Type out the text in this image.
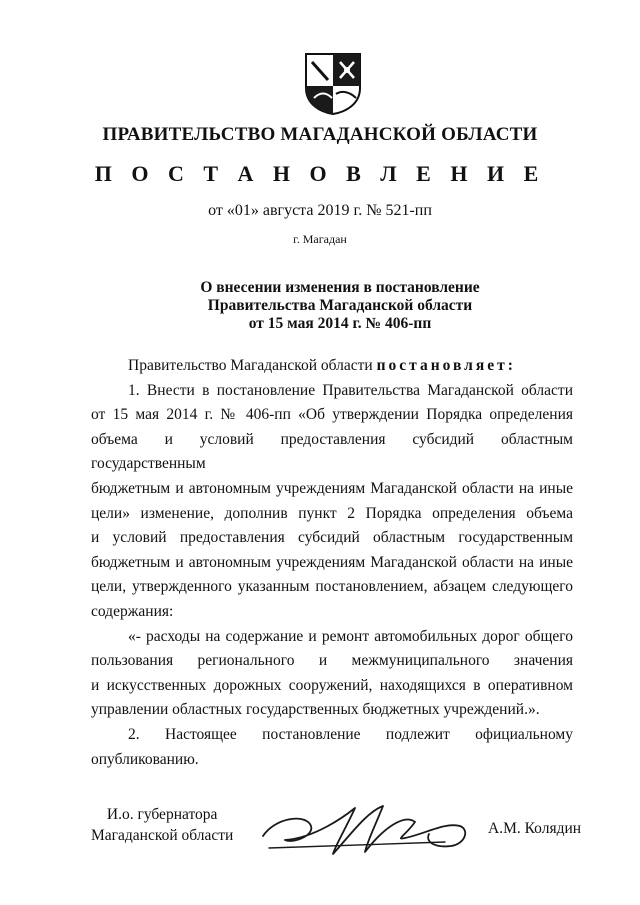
ПРАВИТЕЛЬСТВО МАГАДАНСКОЙ ОБЛАСТИ
П О С Т А Н О В Л Е Н И Е
от «01» августа 2019 г. № 521-пп
г. Магадан
О внесении изменения в постановление
Правительства Магаданской области
от 15 мая 2014 г. № 406-пп

Правительство Магаданской области постановляет:

1. Внести в постановление Правительства Магаданской области

от 15 мая 2014 г. № 406-пп «Об утверждении Порядка определения

объема и условий предоставления субсидий областным государственным

бюджетным и автономным учреждениям Магаданской области на иные

цели» изменение, дополнив пункт 2 Порядка определения объема

и условий предоставления субсидий областным государственным

бюджетным и автономным учреждениям Магаданской области на иные

цели, утвержденного указанным постановлением, абзацем следующего

содержания:

«- расходы на содержание и ремонт автомобильных дорог общего

пользования регионального и межмуниципального значения

и искусственных дорожных сооружений, находящихся в оперативном

управлении областных государственных бюджетных учреждений.».

2. Настоящее постановление подлежит официальному

опубликованию.

И.о. губернатора
Магаданской области	А.М. Колядин
